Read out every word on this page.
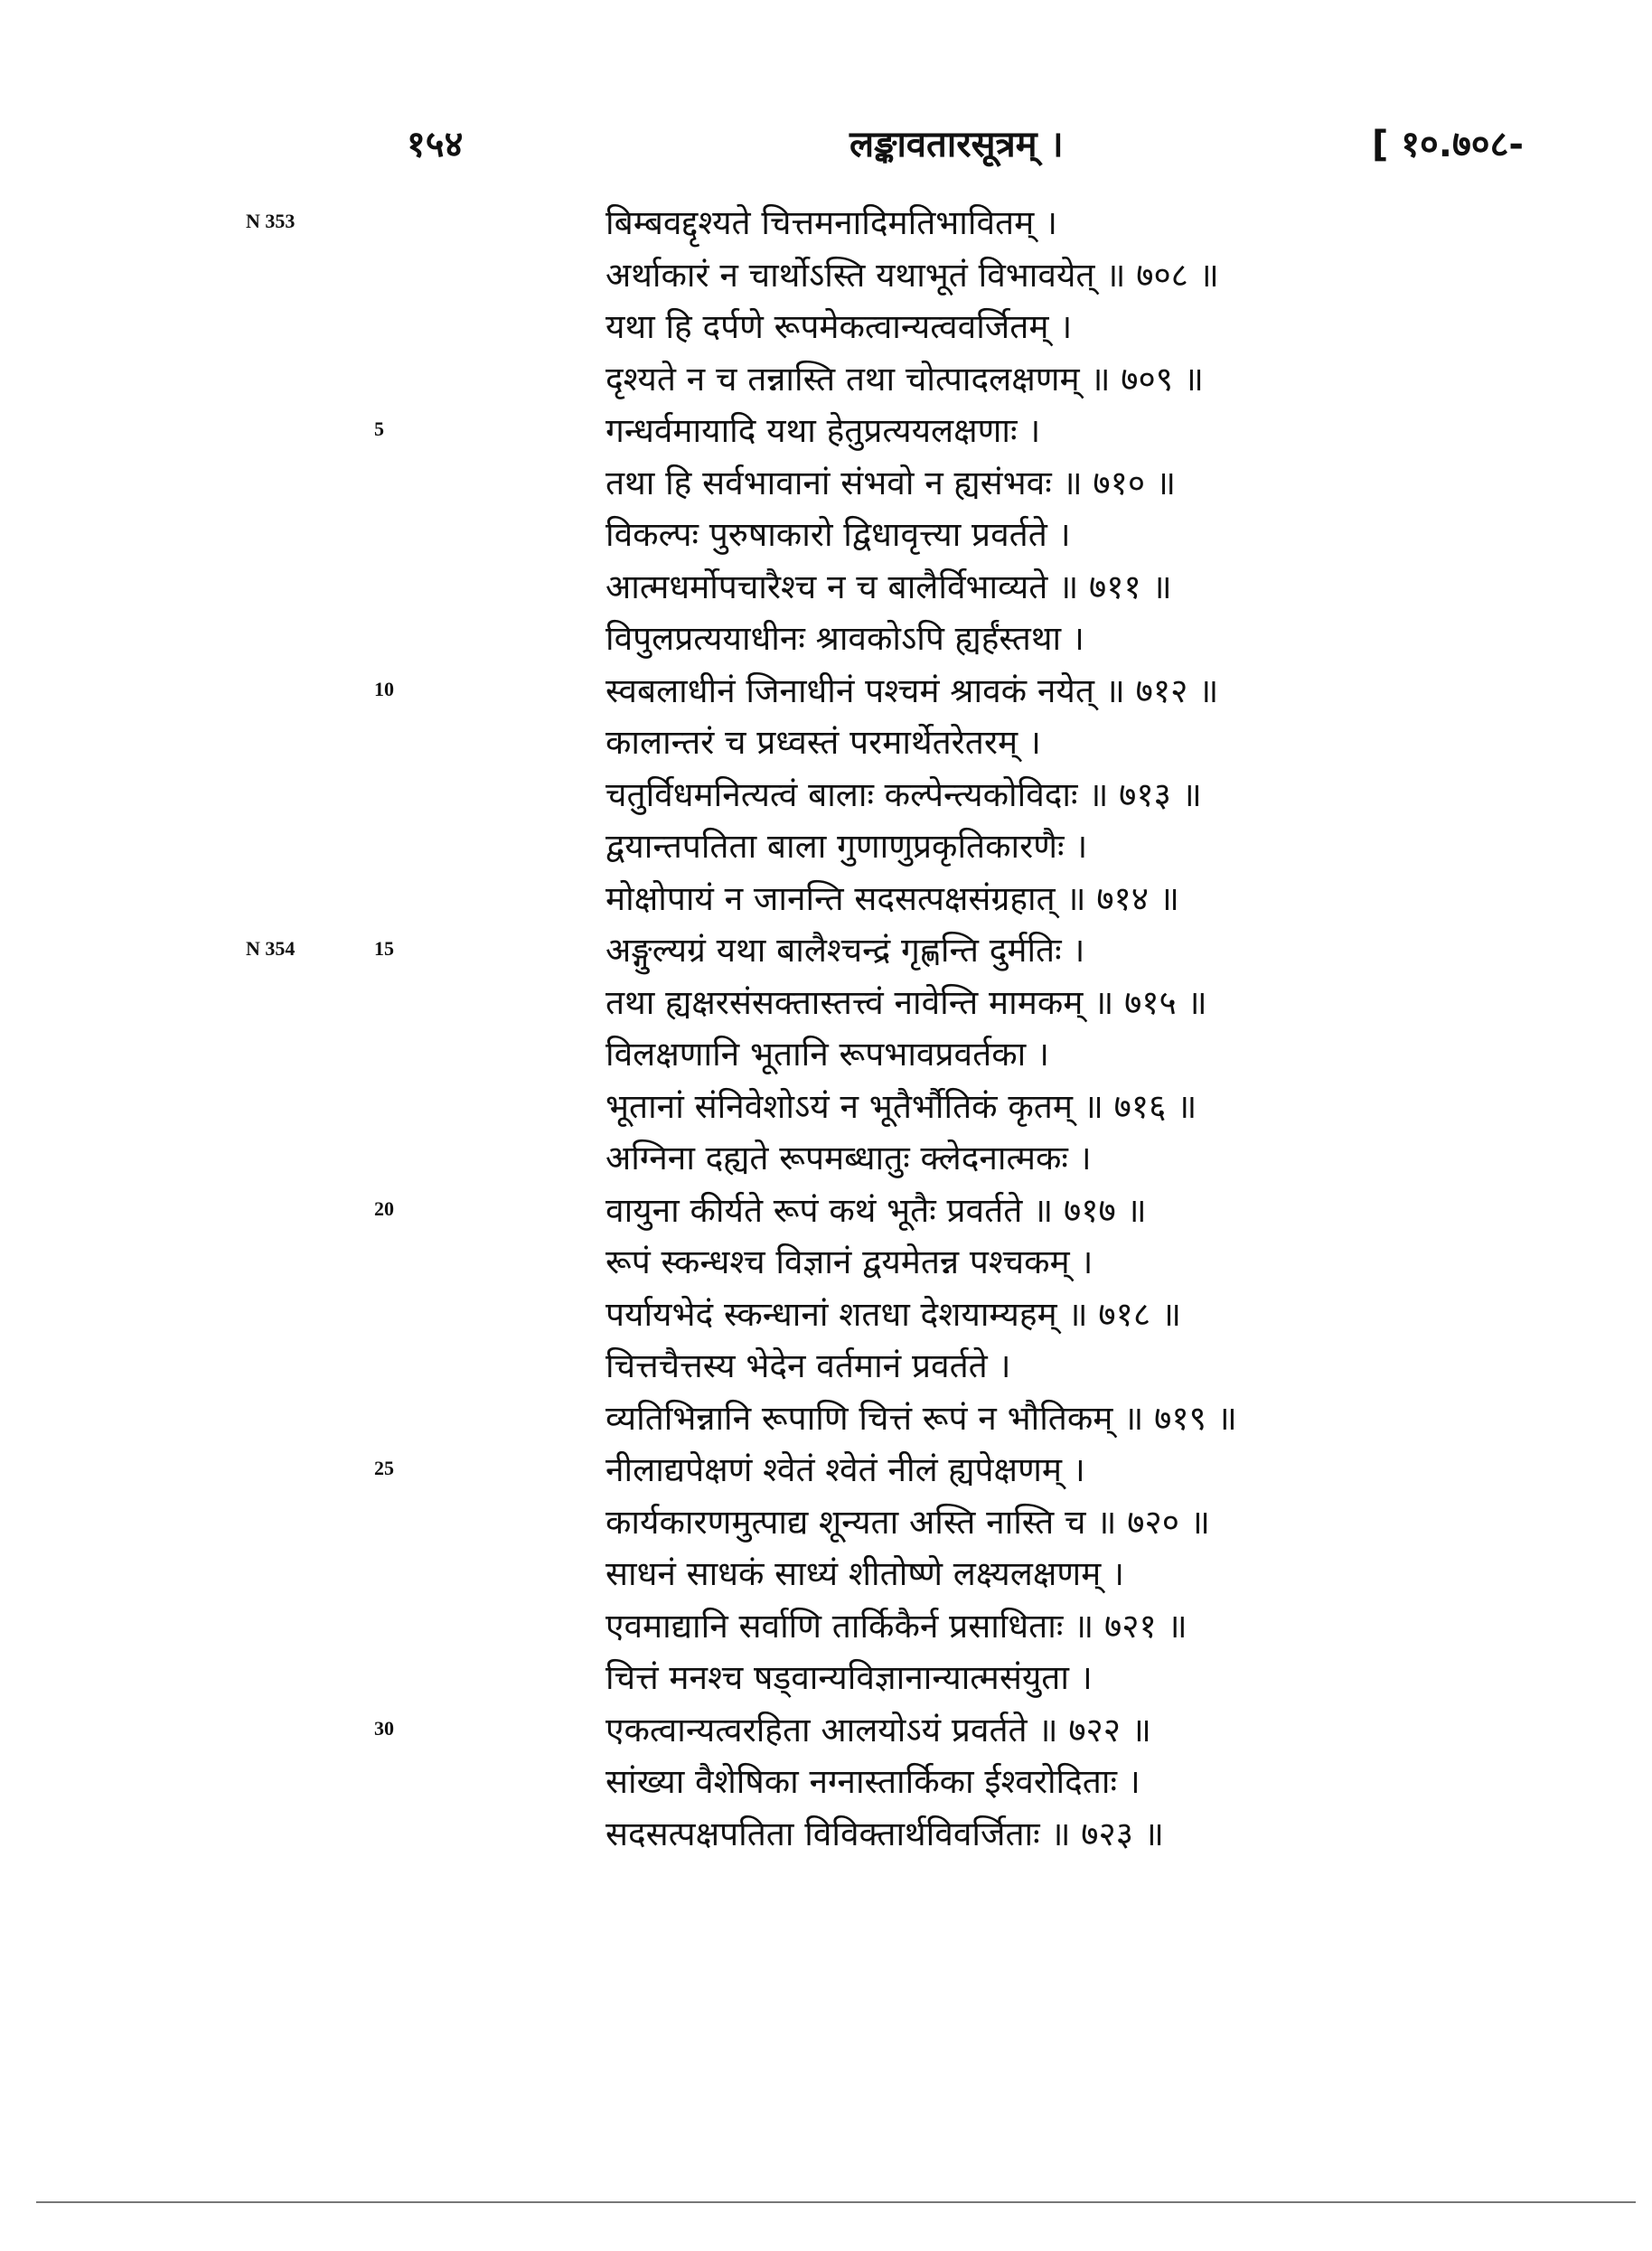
१५४	लङ्कावतारसूत्रम् ।	[ १०.७०८-
N 353	बिम्बवद्दृश्यते चित्तमनादिमतिभावितम् ।
अर्थाकारं न चार्थोऽस्ति यथाभूतं विभावयेत् ॥ ७०८ ॥
यथा हि दर्पणे रूपमेकत्वान्यत्ववर्जितम् ।
दृश्यते न च तन्नास्ति तथा चोत्पादलक्षणम् ॥ ७०९ ॥
5	गन्धर्वमायादि यथा हेतुप्रत्ययलक्षणाः ।
तथा हि सर्वभावानां संभवो न ह्यसंभवः ॥ ७१० ॥
विकल्पः पुरुषाकारो द्विधावृत्त्या प्रवर्तते ।
आत्मधर्मोपचारैश्च न च बालैर्विभाव्यते ॥ ७११ ॥
विपुलप्रत्ययाधीनः श्रावकोऽपि ह्यर्हंस्तथा ।
10	स्वबलाधीनं जिनाधीनं पश्चमं श्रावकं नयेत् ॥ ७१२ ॥
कालान्तरं च प्रध्वस्तं परमार्थेतरेतरम् ।
चतुर्विधमनित्यत्वं बालाः कल्पेन्त्यकोविदाः ॥ ७१३ ॥
द्वयान्तपतिता बाला गुणाणुप्रकृतिकारणैः ।
मोक्षोपायं न जानन्ति सदसत्पक्षसंग्रहात् ॥ ७१४ ॥
N 354	15	अङ्गुल्यग्रं यथा बालैश्चन्द्रं गृह्णन्ति दुर्मतिः ।
तथा ह्यक्षरसंसक्तास्तत्त्वं नावेन्ति मामकम् ॥ ७१५ ॥
विलक्षणानि भूतानि रूपभावप्रवर्तका ।
भूतानां संनिवेशोऽयं न भूतैर्भौतिकं कृतम् ॥ ७१६ ॥
अग्निना दह्यते रूपमब्धातुः क्लेदनात्मकः ।
20	वायुना कीर्यते रूपं कथं भूतैः प्रवर्तते ॥ ७१७ ॥
रूपं स्कन्धश्च विज्ञानं द्वयमेतन्न पश्चकम् ।
पर्यायभेदं स्कन्धानां शतधा देशयाम्यहम् ॥ ७१८ ॥
चित्तचैत्तस्य भेदेन वर्तमानं प्रवर्तते ।
व्यतिभिन्नानि रूपाणि चित्तं रूपं न भौतिकम् ॥ ७१९ ॥
25	नीलाद्यपेक्षणं श्वेतं श्वेतं नीलं ह्यपेक्षणम् ।
कार्यकारणमुत्पाद्य शून्यता अस्ति नास्ति च ॥ ७२० ॥
साधनं साधकं साध्यं शीतोष्णे लक्ष्यलक्षणम् ।
एवमाद्यानि सर्वाणि तार्किकैर्न प्रसाधिताः ॥ ७२१ ॥
चित्तं मनश्च षड्वान्यविज्ञानान्यात्मसंयुता ।
30	एकत्वान्यत्वरहिता आलयोऽयं प्रवर्तते ॥ ७२२ ॥
सांख्या वैशेषिका नग्नास्तार्किका ईश्वरोदिताः ।
सदसत्पक्षपतिता विविक्तार्थविवर्जिताः ॥ ७२३ ॥
